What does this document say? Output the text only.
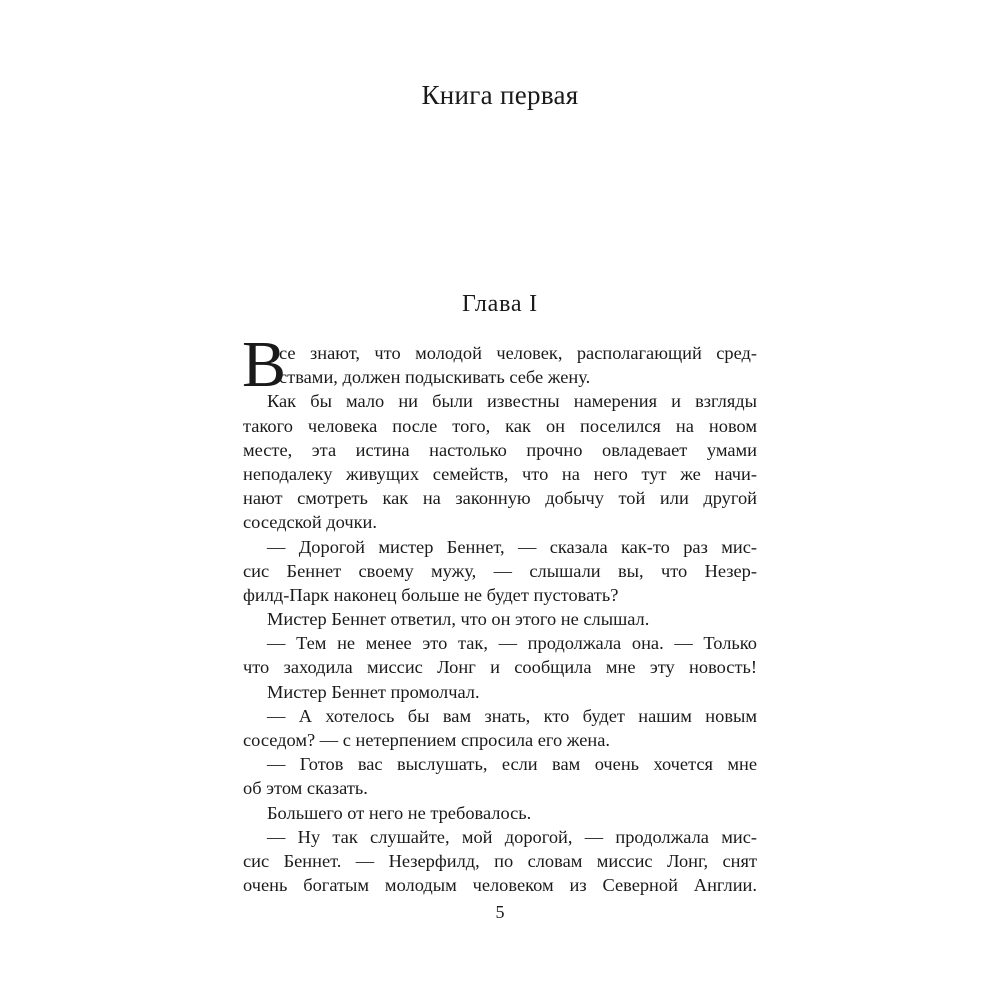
Книга первая
Глава I
В
се знают, что молодой человек, располагающий сред-
ствами, должен подыскивать себе жену.
Как бы мало ни были известны намерения и взгляды
такого человека после того, как он поселился на новом
месте, эта истина настолько прочно овладевает умами
неподалеку живущих семейств, что на него тут же начи-
нают смотреть как на законную добычу той или другой
соседской дочки.
— Дорогой мистер Беннет, — сказала как-то раз мис-
сис Беннет своему мужу, — слышали вы, что Незер-
филд-Парк наконец больше не будет пустовать?
Мистер Беннет ответил, что он этого не слышал.
— Тем не менее это так, — продолжала она. — Только
что заходила миссис Лонг и сообщила мне эту новость!
Мистер Беннет промолчал.
— А хотелось бы вам знать, кто будет нашим новым
соседом? — с нетерпением спросила его жена.
— Готов вас выслушать, если вам очень хочется мне
об этом сказать.
Большего от него не требовалось.
— Ну так слушайте, мой дорогой, — продолжала мис-
сис Беннет. — Незерфилд, по словам миссис Лонг, снят
очень богатым молодым человеком из Северной Англии.
5
